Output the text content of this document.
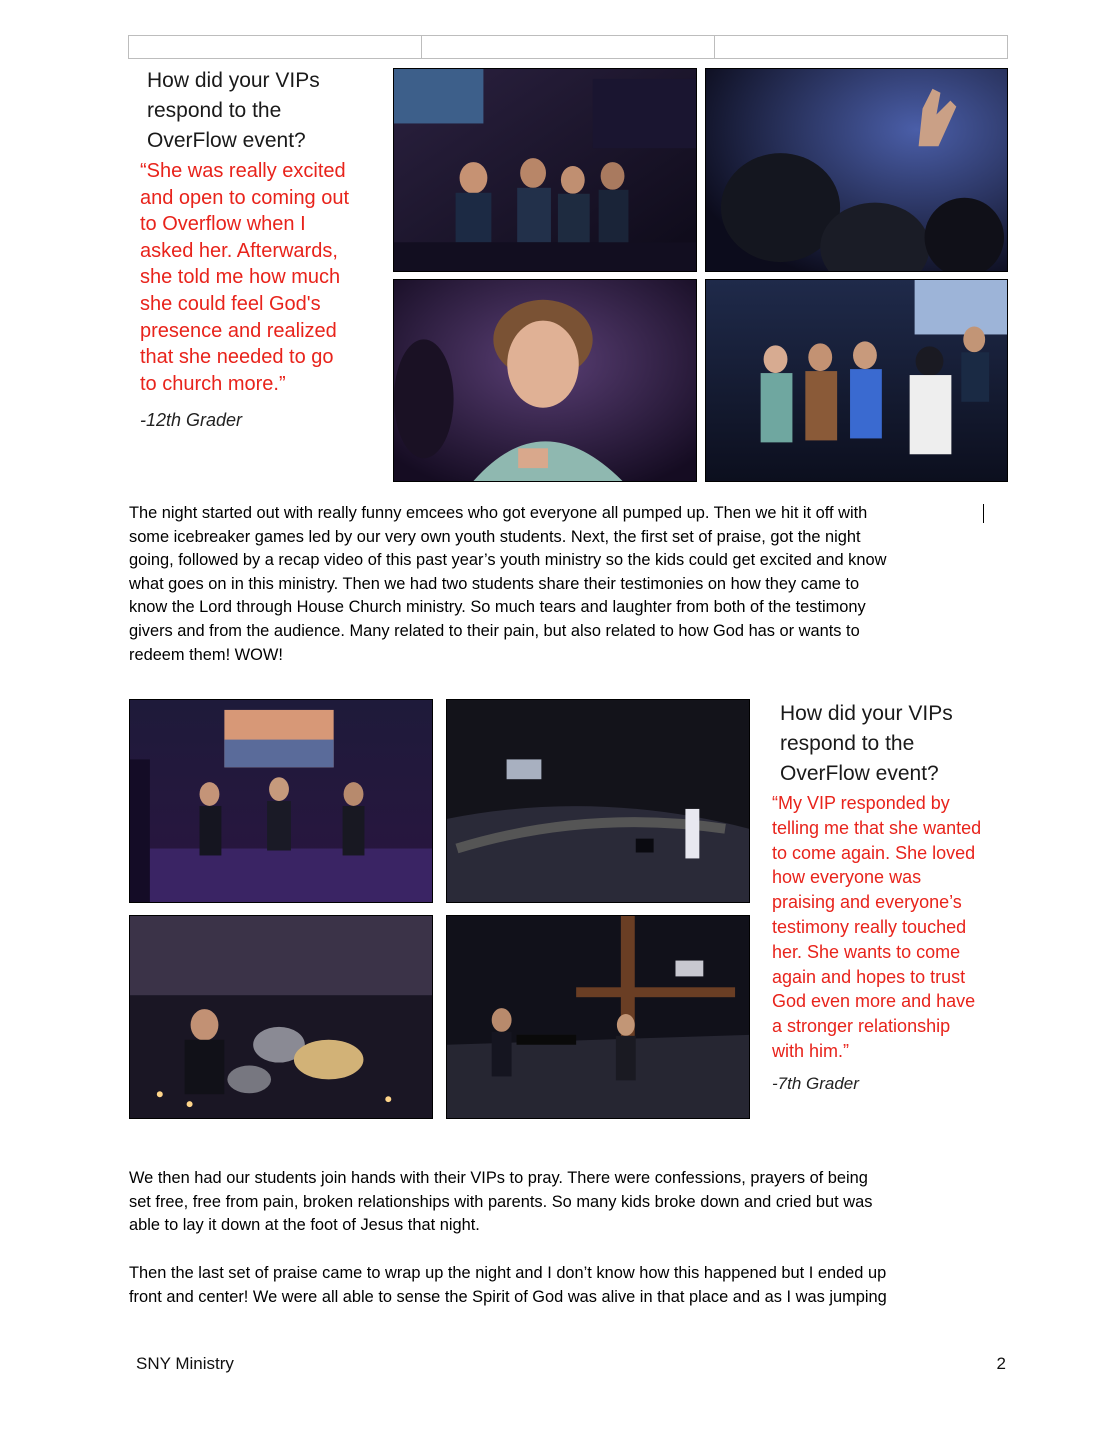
How did your VIPs
respond to the
OverFlow event?
“She was really excited
and open to coming out
to Overflow when I
asked her. Afterwards,
she told me how much
she could feel God's
presence and realized
that she needed to go
to church more.”
-12th Grader
The night started out with really funny emcees who got everyone all pumped up. Then we hit it off with
some icebreaker games led by our very own youth students. Next, the first set of praise, got the night
going, followed by a recap video of this past year’s youth ministry so the kids could get excited and know
what goes on in this ministry. Then we had two students share their testimonies on how they came to
know the Lord through House Church ministry. So much tears and laughter from both of the testimony
givers and from the audience. Many related to their pain, but also related to how God has or wants to
redeem them! WOW!
How did your VIPs
respond to the
OverFlow event?
“My VIP responded by
telling me that she wanted
to come again. She loved
how everyone was
praising and everyone’s
testimony really touched
her. She wants to come
again and hopes to trust
God even more and have
a stronger relationship
with him.”
-7th Grader
We then had our students join hands with their VIPs to pray. There were confessions, prayers of being
set free, free from pain, broken relationships with parents. So many kids broke down and cried but was
able to lay it down at the foot of Jesus that night.
Then the last set of praise came to wrap up the night and I don’t know how this happened but I ended up
front and center! We were all able to sense the Spirit of God was alive in that place and as I was jumping
SNY Ministry	2
